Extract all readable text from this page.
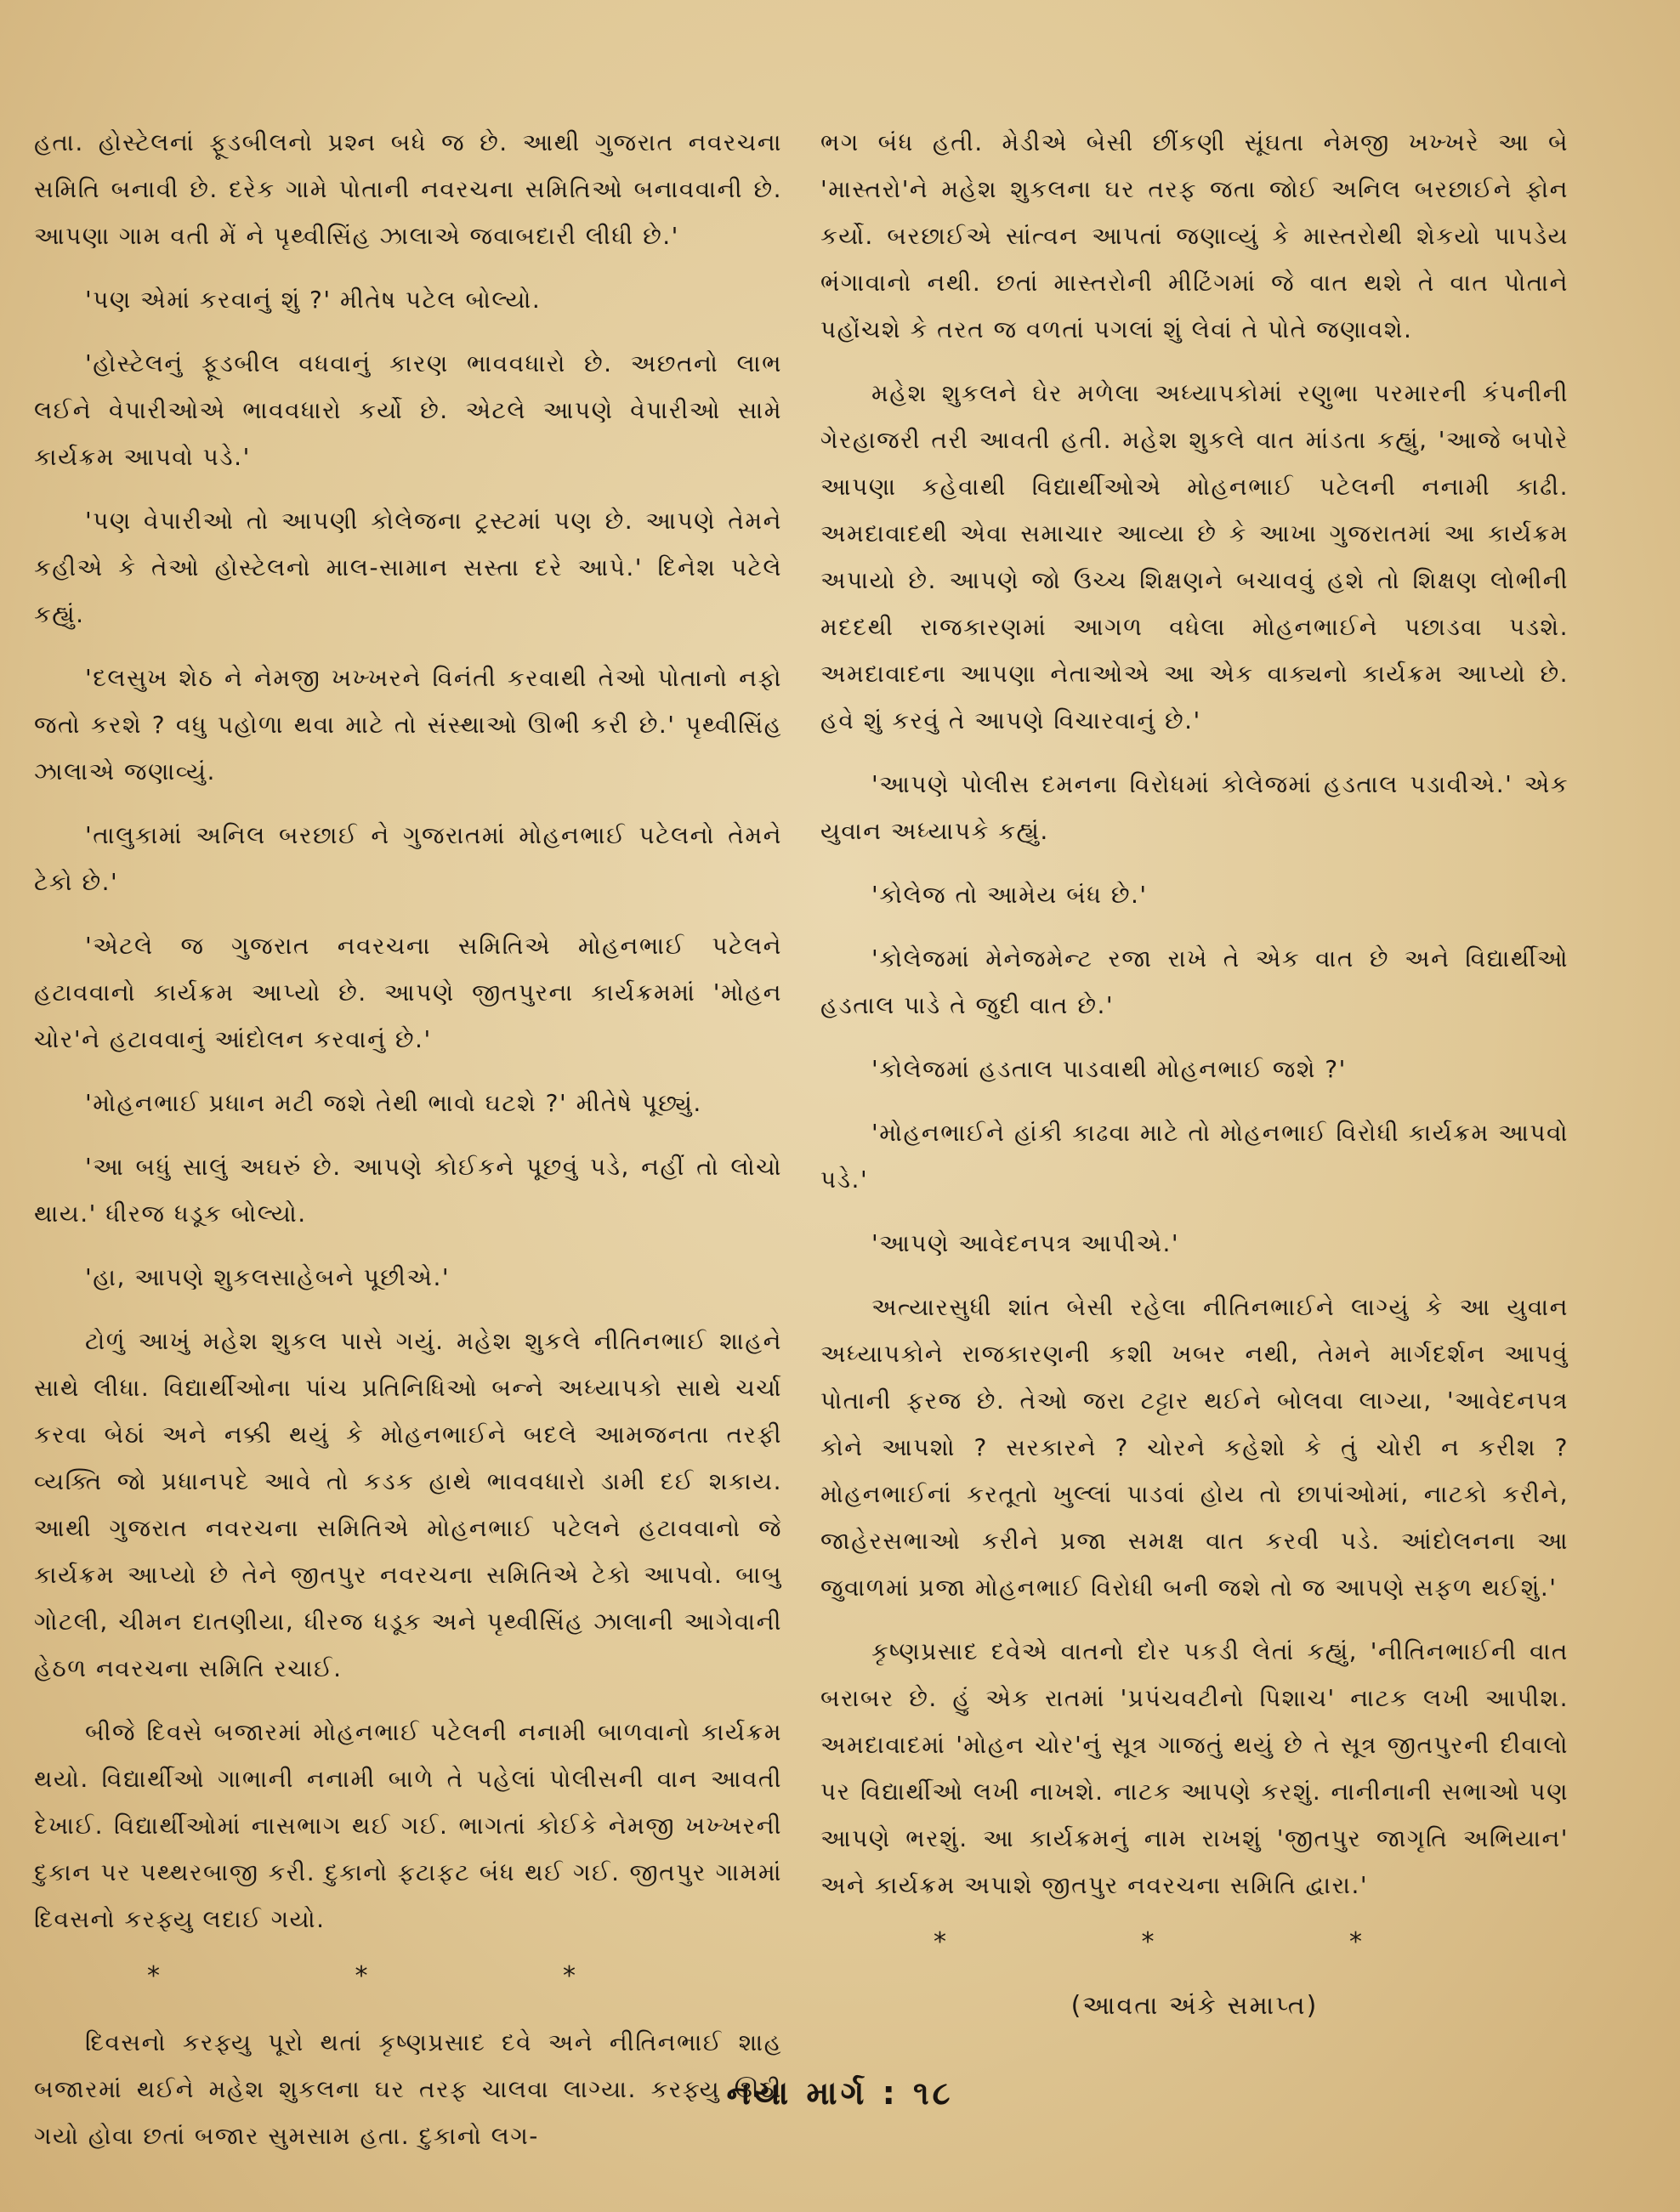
હતા. હોસ્ટેલનાં ફૂડબીલનો પ્રશ્ન બધે જ છે. આથી ગુજરાત નવરચના સમિતિ બનાવી છે. દરેક ગામે પોતાની નવરચના સમિતિઓ બનાવવાની છે. આપણા ગામ વતી મેં ને પૃથ્વીસિંહ ઝાલાએ જવાબદારી લીધી છે.'

'પણ એમાં કરવાનું શું ?' મીતેષ પટેલ બોલ્યો.

'હોસ્ટેલનું ફૂડબીલ વધવાનું કારણ ભાવવધારો છે. અછતનો લાભ લઈને વેપારીઓએ ભાવવધારો કર્યો છે. એટલે આપણે વેપારીઓ સામે કાર્યક્રમ આપવો પડે.'

'પણ વેપારીઓ તો આપણી કોલેજના ટ્રસ્ટમાં પણ છે. આપણે તેમને કહીએ કે તેઓ હોસ્ટેલનો માલ-સામાન સસ્તા દરે આપે.' દિનેશ પટેલે કહ્યું.

'દલસુખ શેઠ ને નેમજી ખખ્ખરને વિનંતી કરવાથી તેઓ પોતાનો નફો જતો કરશે ? વધુ પહોળા થવા માટે તો સંસ્થાઓ ઊભી કરી છે.' પૃથ્વીસિંહ ઝાલાએ જણાવ્યું.

'તાલુકામાં અનિલ બરછાઈ ને ગુજરાતમાં મોહનભાઈ પટેલનો તેમને ટેકો છે.'

'એટલે જ ગુજરાત નવરચના સમિતિએ મોહનભાઈ પટેલને હટાવવાનો કાર્યક્રમ આપ્યો છે. આપણે જીતપુરના કાર્યક્રમમાં 'મોહન ચોર'ને હટાવવાનું આંદોલન કરવાનું છે.'

'મોહનભાઈ પ્રધાન મટી જશે તેથી ભાવો ઘટશે ?' મીતેષે પૂછ્યું.

'આ બધું સાલું અઘરું છે. આપણે કોઈકને પૂછવું પડે, નહીં તો લોચો થાય.' ધીરજ ધડૂક બોલ્યો.

'હા, આપણે શુકલસાહેબને પૂછીએ.'

ટોળું આખું મહેશ શુકલ પાસે ગયું. મહેશ શુકલે નીતિનભાઈ શાહને સાથે લીધા. વિદ્યાર્થીઓના પાંચ પ્રતિનિધિઓ બન્ને અધ્યાપકો સાથે ચર્ચા કરવા બેઠાં અને નક્કી થયું કે મોહનભાઈને બદલે આમજનતા તરફી વ્યક્તિ જો પ્રધાનપદે આવે તો કડક હાથે ભાવવધારો ડામી દઈ શકાય. આથી ગુજરાત નવરચના સમિતિએ મોહનભાઈ પટેલને હટાવવાનો જે કાર્યક્રમ આપ્યો છે તેને જીતપુર નવરચના સમિતિએ ટેકો આપવો. બાબુ ગોટલી, ચીમન દાતણીયા, ધીરજ ધડૂક અને પૃથ્વીસિંહ ઝાલાની આગેવાની હેઠળ નવરચના સમિતિ રચાઈ.

બીજે દિવસે બજારમાં મોહનભાઈ પટેલની નનામી બાળવાનો કાર્યક્રમ થયો. વિદ્યાર્થીઓ ગાભાની નનામી બાળે તે પહેલાં પોલીસની વાન આવતી દેખાઈ. વિદ્યાર્થીઓમાં નાસભાગ થઈ ગઈ. ભાગતાં કોઈકે નેમજી ખખ્ખરની દુકાન પર પથ્થરબાજી કરી. દુકાનો ફટાફટ બંધ થઈ ગઈ. જીતપુર ગામમાં દિવસનો કરફ્યુ લદાઈ ગયો.

* * *

દિવસનો કરફ્યુ પૂરો થતાં કૃષ્ણપ્રસાદ દવે અને નીતિનભાઈ શાહ બજારમાં થઈને મહેશ શુકલના ઘર તરફ ચાલવા લાગ્યા. કરફ્યુ ઊઠી ગયો હોવા છતાં બજાર સુમસામ હતા. દુકાનો લગ-

ભગ બંધ હતી. મેડીએ બેસી છીંકણી સૂંઘતા નેમજી ખખ્ખરે આ બે 'માસ્તરો'ને મહેશ શુકલના ઘર તરફ જતા જોઈ અનિલ બરછાઈને ફોન કર્યો. બરછાઈએ સાંત્વન આપતાં જણાવ્યું કે માસ્તરોથી શેકયો પાપડેય ભંગાવાનો નથી. છતાં માસ્તરોની મીટિંગમાં જે વાત થશે તે વાત પોતાને પહોંચશે કે તરત જ વળતાં પગલાં શું લેવાં તે પોતે જણાવશે.

મહેશ શુકલને ઘેર મળેલા અધ્યાપકોમાં રણુભા પરમારની કંપનીની ગેરહાજરી તરી આવતી હતી. મહેશ શુકલે વાત માંડતા કહ્યું, 'આજે બપોરે આપણા કહેવાથી વિદ્યાર્થીઓએ મોહનભાઈ પટેલની નનામી કાઢી. અમદાવાદથી એવા સમાચાર આવ્યા છે કે આખા ગુજરાતમાં આ કાર્યક્રમ અપાયો છે. આપણે જો ઉચ્ચ શિક્ષણને બચાવવું હશે તો શિક્ષણ લોભીની મદદથી રાજકારણમાં આગળ વધેલા મોહનભાઈને પછાડવા પડશે. અમદાવાદના આપણા નેતાઓએ આ એક વાક્યનો કાર્યક્રમ આપ્યો છે. હવે શું કરવું તે આપણે વિચારવાનું છે.'

'આપણે પોલીસ દમનના વિરોધમાં કોલેજમાં હડતાલ પડાવીએ.' એક યુવાન અધ્યાપકે કહ્યું.

'કોલેજ તો આમેય બંધ છે.'

'કોલેજમાં મેનેજમેન્ટ રજા રાખે તે એક વાત છે અને વિદ્યાર્થીઓ હડતાલ પાડે તે જુદી વાત છે.'

'કોલેજમાં હડતાલ પાડવાથી મોહનભાઈ જશે ?'

'મોહનભાઈને હાંકી કાઢવા માટે તો મોહનભાઈ વિરોધી કાર્યક્રમ આપવો પડે.'

'આપણે આવેદનપત્ર આપીએ.'

અત્યારસુધી શાંત બેસી રહેલા નીતિનભાઈને લાગ્યું કે આ યુવાન અધ્યાપકોને રાજકારણની કશી ખબર નથી, તેમને માર્ગદર્શન આપવું પોતાની ફરજ છે. તેઓ જરા ટટ્ટાર થઈને બોલવા લાગ્યા, 'આવેદનપત્ર કોને આપશો ? સરકારને ? ચોરને કહેશો કે તું ચોરી ન કરીશ ? મોહનભાઈનાં કરતૂતો ખુલ્લાં પાડવાં હોય તો છાપાંઓમાં, નાટકો કરીને, જાહેરસભાઓ કરીને પ્રજા સમક્ષ વાત કરવી પડે. આંદોલનના આ જુવાળમાં પ્રજા મોહનભાઈ વિરોધી બની જશે તો જ આપણે સફળ થઈશું.'

કૃષ્ણપ્રસાદ દવેએ વાતનો દોર પકડી લેતાં કહ્યું, 'નીતિનભાઈની વાત બરાબર છે. હું એક રાતમાં 'પ્રપંચવટીનો પિશાચ' નાટક લખી આપીશ. અમદાવાદમાં 'મોહન ચોર'નું સૂત્ર ગાજતું થયું છે તે સૂત્ર જીતપુરની દીવાલો પર વિદ્યાર્થીઓ લખી નાખશે. નાટક આપણે કરશું. નાનીનાની સભાઓ પણ આપણે ભરશું. આ કાર્યક્રમનું નામ રાખશું 'જીતપુર જાગૃતિ અભિયાન' અને કાર્યક્રમ અપાશે જીતપુર નવરચના સમિતિ દ્વારા.'

* * *
(આવતા અંકે સમાપ્ત)
નયા માર્ગ : ૧૮
